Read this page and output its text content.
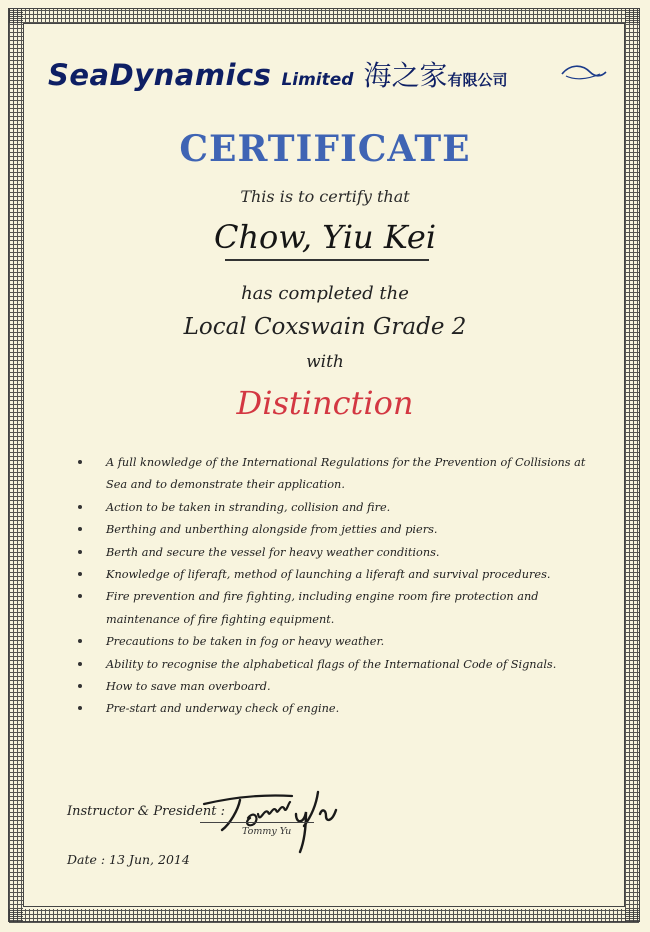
SeaDynamics Limited 海之家 有限公司
CERTIFICATE
This is to certify that
Chow, Yiu Kei
has completed the
Local Coxswain Grade 2
with
Distinction
A full knowledge of the International Regulations for the Prevention of Collisions at Sea and to demonstrate their application.
Action to be taken in stranding, collision and fire.
Berthing and unberthing alongside from jetties and piers.
Berth and secure the vessel for heavy weather conditions.
Knowledge of liferaft, method of launching a liferaft and survival procedures.
Fire prevention and fire fighting, including engine room fire protection and maintenance of fire fighting equipment.
Precautions to be taken in fog or heavy weather.
Ability to recognise the alphabetical flags of the International Code of Signals.
How to save man overboard.
Pre-start and underway check of engine.
Instructor & President :
Tommy Yu
Date : 13 Jun, 2014
